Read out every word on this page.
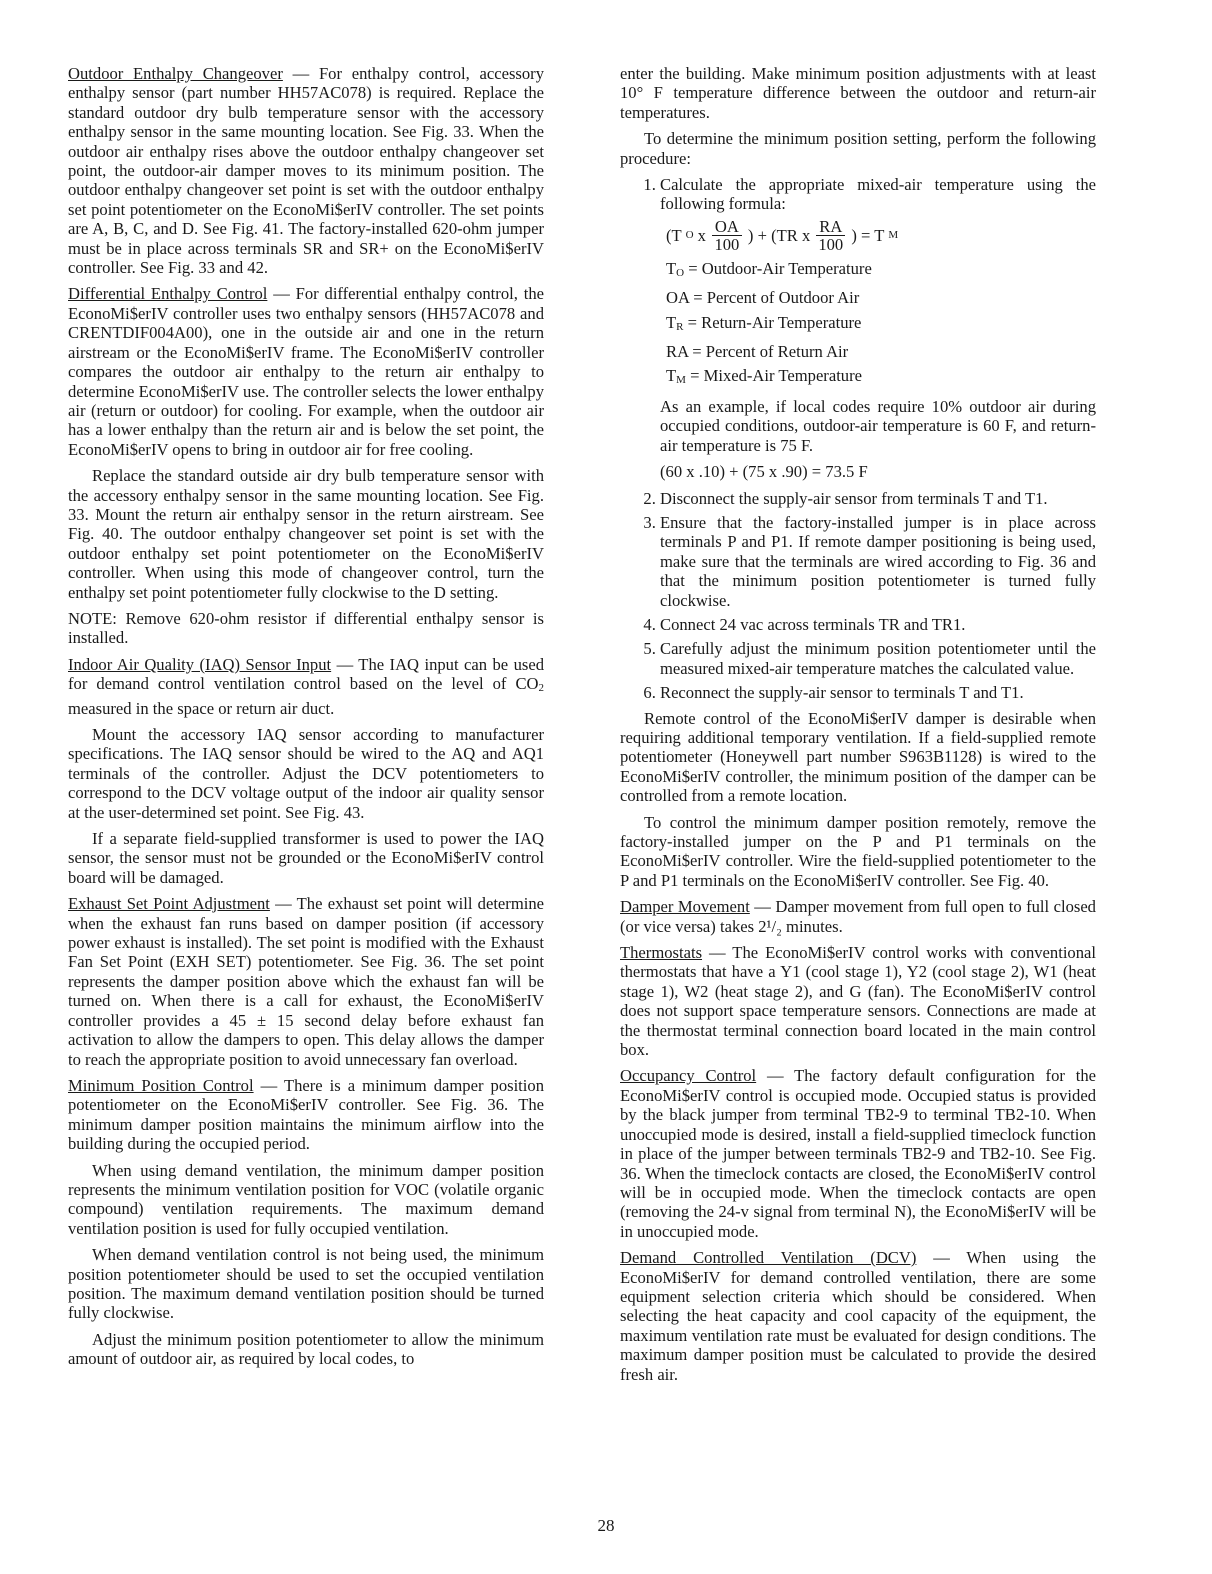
Outdoor Enthalpy Changeover — For enthalpy control, accessory enthalpy sensor (part number HH57AC078) is required. Replace the standard outdoor dry bulb temperature sensor with the accessory enthalpy sensor in the same mounting location. See Fig. 33. When the outdoor air enthalpy rises above the outdoor enthalpy changeover set point, the outdoor-air damper moves to its minimum position. The outdoor enthalpy changeover set point is set with the outdoor enthalpy set point potentiometer on the EconoMi$erIV controller. The set points are A, B, C, and D. See Fig. 41. The factory-installed 620-ohm jumper must be in place across terminals SR and SR+ on the EconoMi$erIV controller. See Fig. 33 and 42.

Differential Enthalpy Control — For differential enthalpy control, the EconoMi$erIV controller uses two enthalpy sensors (HH57AC078 and CRENTDIF004A00), one in the outside air and one in the return airstream or the EconoMi$erIV frame. The EconoMi$erIV controller compares the outdoor air enthalpy to the return air enthalpy to determine EconoMi$erIV use. The controller selects the lower enthalpy air (return or outdoor) for cooling. For example, when the outdoor air has a lower enthalpy than the return air and is below the set point, the EconoMi$erIV opens to bring in outdoor air for free cooling.

Replace the standard outside air dry bulb temperature sensor with the accessory enthalpy sensor in the same mounting location. See Fig. 33. Mount the return air enthalpy sensor in the return airstream. See Fig. 40. The outdoor enthalpy changeover set point is set with the outdoor enthalpy set point potentiometer on the EconoMi$erIV controller. When using this mode of changeover control, turn the enthalpy set point potentiometer fully clockwise to the D setting.

NOTE: Remove 620-ohm resistor if differential enthalpy sensor is installed.

Indoor Air Quality (IAQ) Sensor Input — The IAQ input can be used for demand control ventilation control based on the level of CO2 measured in the space or return air duct.

Mount the accessory IAQ sensor according to manufacturer specifications. The IAQ sensor should be wired to the AQ and AQ1 terminals of the controller. Adjust the DCV potentiometers to correspond to the DCV voltage output of the indoor air quality sensor at the user-determined set point. See Fig. 43.

If a separate field-supplied transformer is used to power the IAQ sensor, the sensor must not be grounded or the EconoMi$erIV control board will be damaged.

Exhaust Set Point Adjustment — The exhaust set point will determine when the exhaust fan runs based on damper position (if accessory power exhaust is installed). The set point is modified with the Exhaust Fan Set Point (EXH SET) potentiometer. See Fig. 36. The set point represents the damper position above which the exhaust fan will be turned on. When there is a call for exhaust, the EconoMi$erIV controller provides a 45 ± 15 second delay before exhaust fan activation to allow the dampers to open. This delay allows the damper to reach the appropriate position to avoid unnecessary fan overload.

Minimum Position Control — There is a minimum damper position potentiometer on the EconoMi$erIV controller. See Fig. 36. The minimum damper position maintains the minimum airflow into the building during the occupied period.

When using demand ventilation, the minimum damper position represents the minimum ventilation position for VOC (volatile organic compound) ventilation requirements. The maximum demand ventilation position is used for fully occupied ventilation.

When demand ventilation control is not being used, the minimum position potentiometer should be used to set the occupied ventilation position. The maximum demand ventilation position should be turned fully clockwise.

Adjust the minimum position potentiometer to allow the minimum amount of outdoor air, as required by local codes, to

enter the building. Make minimum position adjustments with at least 10° F temperature difference between the outdoor and return-air temperatures.

To determine the minimum position setting, perform the following procedure:

1. Calculate the appropriate mixed-air temperature using the following formula:
(T O x $\frac{OA}{100}$ ) + (TR x $\frac{RA}{100}$ ) = T M
TO = Outdoor-Air Temperature
OA = Percent of Outdoor Air
TR = Return-Air Temperature
RA = Percent of Return Air
TM = Mixed-Air Temperature

As an example, if local codes require 10% outdoor air during occupied conditions, outdoor-air temperature is 60 F, and return-air temperature is 75 F.

(60 x .10) + (75 x .90) = 73.5 F

2. Disconnect the supply-air sensor from terminals T and T1.
3. Ensure that the factory-installed jumper is in place across terminals P and P1. If remote damper positioning is being used, make sure that the terminals are wired according to Fig. 36 and that the minimum position potentiometer is turned fully clockwise.
4. Connect 24 vac across terminals TR and TR1.
5. Carefully adjust the minimum position potentiometer until the measured mixed-air temperature matches the calculated value.
6. Reconnect the supply-air sensor to terminals T and T1.

Remote control of the EconoMi$erIV damper is desirable when requiring additional temporary ventilation. If a field-supplied remote potentiometer (Honeywell part number S963B1128) is wired to the EconoMi$erIV controller, the minimum position of the damper can be controlled from a remote location.

To control the minimum damper position remotely, remove the factory-installed jumper on the P and P1 terminals on the EconoMi$erIV controller. Wire the field-supplied potentiometer to the P and P1 terminals on the EconoMi$erIV controller. See Fig. 40.

Damper Movement — Damper movement from full open to full closed (or vice versa) takes 2¹/₂ minutes.

Thermostats — The EconoMi$erIV control works with conventional thermostats that have a Y1 (cool stage 1), Y2 (cool stage 2), W1 (heat stage 1), W2 (heat stage 2), and G (fan). The EconoMi$erIV control does not support space temperature sensors. Connections are made at the thermostat terminal connection board located in the main control box.

Occupancy Control — The factory default configuration for the EconoMi$erIV control is occupied mode. Occupied status is provided by the black jumper from terminal TB2-9 to terminal TB2-10. When unoccupied mode is desired, install a field-supplied timeclock function in place of the jumper between terminals TB2-9 and TB2-10. See Fig. 36. When the timeclock contacts are closed, the EconoMi$erIV control will be in occupied mode. When the timeclock contacts are open (removing the 24-v signal from terminal N), the EconoMi$erIV will be in unoccupied mode.

Demand Controlled Ventilation (DCV) — When using the EconoMi$erIV for demand controlled ventilation, there are some equipment selection criteria which should be considered. When selecting the heat capacity and cool capacity of the equipment, the maximum ventilation rate must be evaluated for design conditions. The maximum damper position must be calculated to provide the desired fresh air.

28
